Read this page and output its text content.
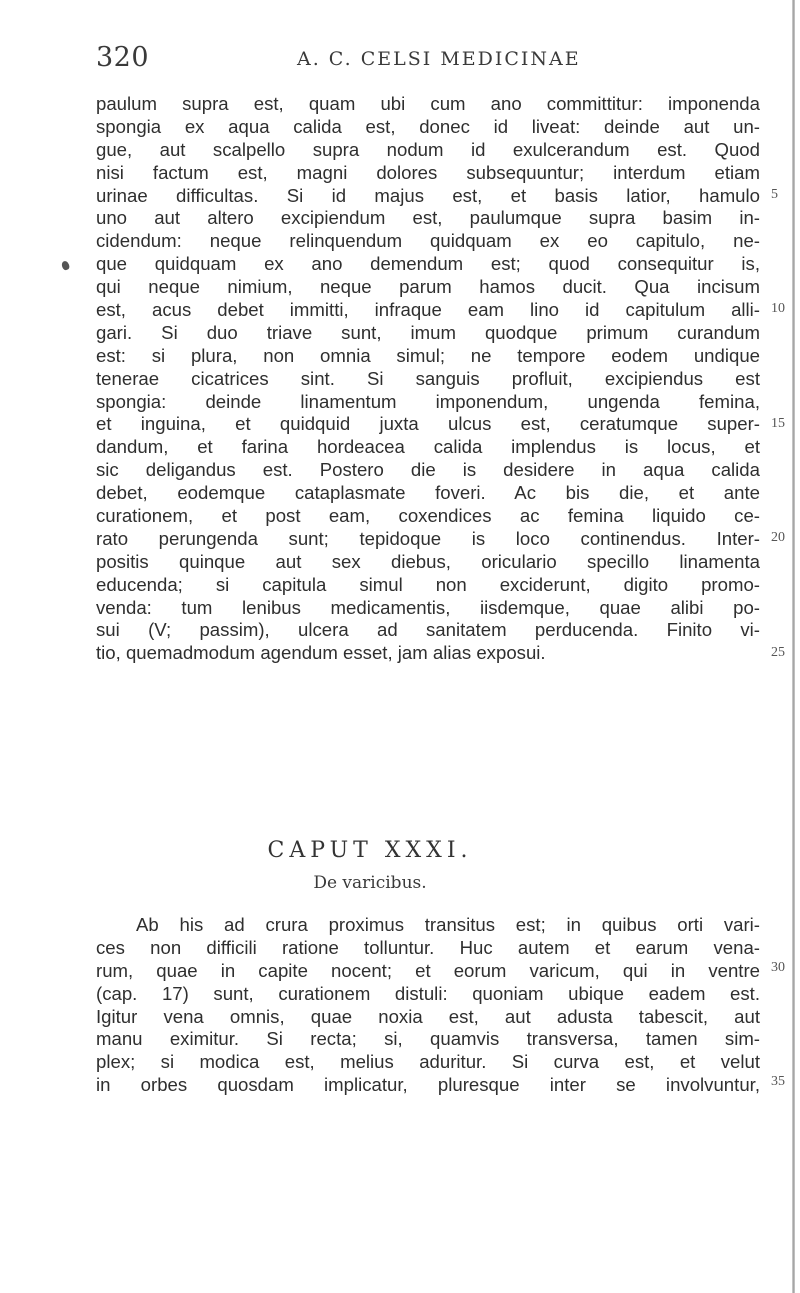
320	A. C. CELSI MEDICINAE
paulum supra est, quam ubi cum ano committitur: imponenda
spongia ex aqua calida est, donec id liveat: deinde aut un-
gue, aut scalpello supra nodum id exulcerandum est. Quod
nisi factum est, magni dolores subsequuntur; interdum etiam
urinae difficultas. Si id majus est, et basis latior, hamulo
uno aut altero excipiendum est, paulumque supra basim in-
cidendum: neque relinquendum quidquam ex eo capitulo, ne-
que quidquam ex ano demendum est; quod consequitur is,
qui neque nimium, neque parum hamos ducit. Qua incisum
est, acus debet immitti, infraque eam lino id capitulum alli-
gari. Si duo triave sunt, imum quodque primum curandum
est: si plura, non omnia simul; ne tempore eodem undique
tenerae cicatrices sint. Si sanguis profluit, excipiendus est
spongia: deinde linamentum imponendum, ungenda femina,
et inguina, et quidquid juxta ulcus est, ceratumque super-
dandum, et farina hordeacea calida implendus is locus, et
sic deligandus est. Postero die is desidere in aqua calida
debet, eodemque cataplasmate foveri. Ac bis die, et ante
curationem, et post eam, coxendices ac femina liquido ce-
rato perungenda sunt; tepidoque is loco continendus. Inter-
positis quinque aut sex diebus, oriculario specillo linamenta
educenda; si capitula simul non exciderunt, digito promo-
venda: tum lenibus medicamentis, iisdemque, quae alibi po-
sui (V; passim), ulcera ad sanitatem perducenda. Finito vi-
tio, quemadmodum agendum esset, jam alias exposui.
CAPUT XXXI.
De varicibus.
Ab his ad crura proximus transitus est; in quibus orti vari-
ces non difficili ratione tolluntur. Huc autem et earum vena-
rum, quae in capite nocent; et eorum varicum, qui in ventre
(cap. 17) sunt, curationem distuli: quoniam ubique eadem est.
Igitur vena omnis, quae noxia est, aut adusta tabescit, aut
manu eximitur. Si recta; si, quamvis transversa, tamen sim-
plex; si modica est, melius aduritur. Si curva est, et velut
in orbes quosdam implicatur, pluresque inter se involvuntur,
5
10
15
20
25
30
35
